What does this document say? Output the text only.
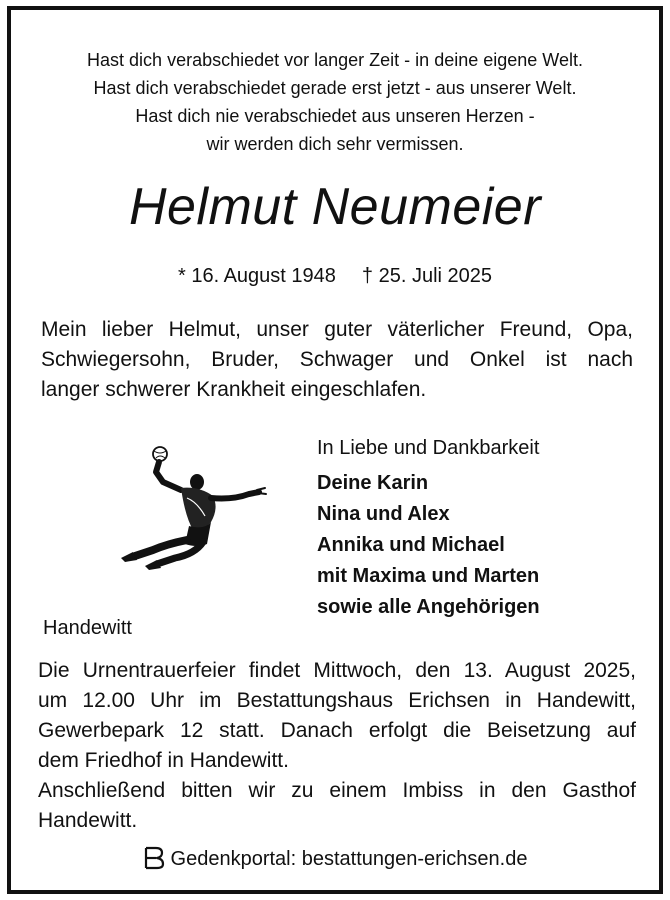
Hast dich verabschiedet vor langer Zeit - in deine eigene Welt.
Hast dich verabschiedet gerade erst jetzt - aus unserer Welt.
Hast dich nie verabschiedet aus unseren Herzen -
wir werden dich sehr vermissen.
Helmut Neumeier
* 16. August 1948 † 25. Juli 2025
Mein lieber Helmut, unser guter väterlicher Freund, Opa,
Schwiegersohn, Bruder, Schwager und Onkel ist nach
langer schwerer Krankheit eingeschlafen.
In Liebe und Dankbarkeit
Deine Karin
Nina und Alex
Annika und Michael
mit Maxima und Marten
sowie alle Angehörigen
Handewitt
Die Urnentrauerfeier findet Mittwoch, den 13. August 2025,
um 12.00 Uhr im Bestattungshaus Erichsen in Handewitt,
Gewerbepark 12 statt. Danach erfolgt die Beisetzung auf
dem Friedhof in Handewitt.
Anschließend bitten wir zu einem Imbiss in den Gasthof
Handewitt.
Gedenkportal: bestattungen-erichsen.de
